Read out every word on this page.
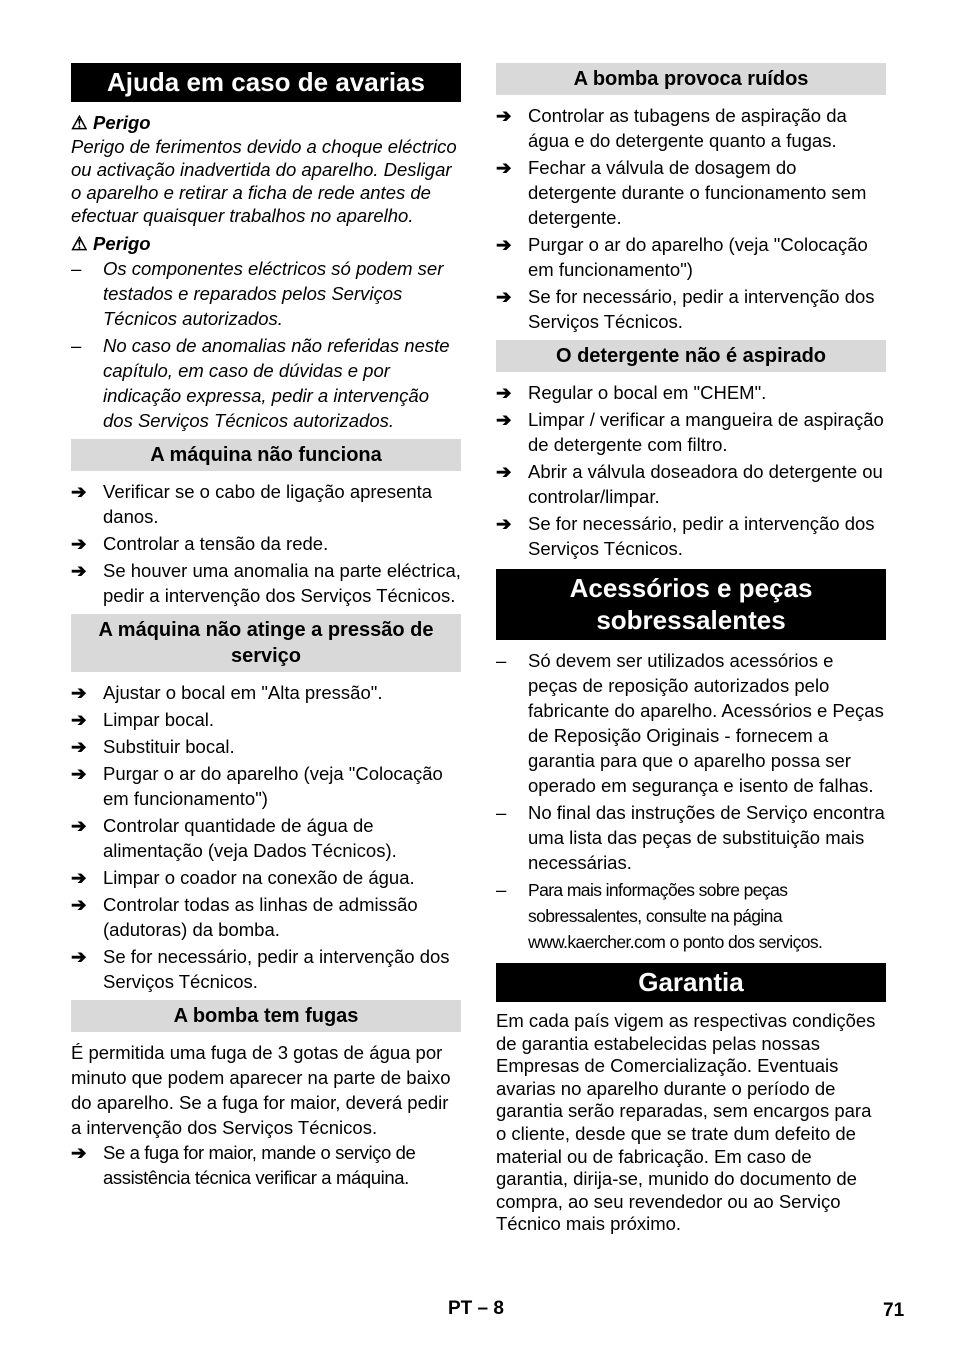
Ajuda em caso de avarias
⚠ Perigo

Perigo de ferimentos devido a choque eléctrico ou activação inadvertida do aparelho. Desligar o aparelho e retirar a ficha de rede antes de efectuar quaisquer trabalhos no aparelho.

⚠ Perigo
–	Os componentes eléctricos só podem ser testados e reparados pelos Serviços Técnicos autorizados.
–	No caso de anomalias não referidas neste capítulo, em caso de dúvidas e por indicação expressa, pedir a intervenção dos Serviços Técnicos autorizados.
A máquina não funciona
➔ Verificar se o cabo de ligação apresenta danos.
➔ Controlar a tensão da rede.
➔ Se houver uma anomalia na parte eléctrica, pedir a intervenção dos Serviços Técnicos.
A máquina não atinge a pressão de serviço
➔ Ajustar o bocal em "Alta pressão".
➔ Limpar bocal.
➔ Substituir bocal.
➔ Purgar o ar do aparelho (veja "Colocação em funcionamento")
➔ Controlar quantidade de água de alimentação (veja Dados Técnicos).
➔ Limpar o coador na conexão de água.
➔ Controlar todas as linhas de admissão (adutoras) da bomba.
➔ Se for necessário, pedir a intervenção dos Serviços Técnicos.
A bomba tem fugas

É permitida uma fuga de 3 gotas de água por minuto que podem aparecer na parte de baixo do aparelho. Se a fuga for maior, deverá pedir a intervenção dos Serviços Técnicos.

➔ Se a fuga for maior, mande o serviço de assistência técnica verificar a máquina.
A bomba provoca ruídos
➔ Controlar as tubagens de aspiração da água e do detergente quanto a fugas.
➔ Fechar a válvula de dosagem do detergente durante o funcionamento sem detergente.
➔ Purgar o ar do aparelho (veja "Colocação em funcionamento")
➔ Se for necessário, pedir a intervenção dos Serviços Técnicos.
O detergente não é aspirado
➔ Regular o bocal em "CHEM".
➔ Limpar / verificar a mangueira de aspiração de detergente com filtro.
➔ Abrir a válvula doseadora do detergente ou controlar/limpar.
➔ Se for necessário, pedir a intervenção dos Serviços Técnicos.
Acessórios e peças sobressalentes
–	Só devem ser utilizados acessórios e peças de reposição autorizados pelo fabricante do aparelho. Acessórios e Peças de Reposição Originais - fornecem a garantia para que o aparelho possa ser operado em segurança e isento de falhas.
–	No final das instruções de Serviço encontra uma lista das peças de substituição mais necessárias.
–	Para mais informações sobre peças sobressalentes, consulte na página www.kaercher.com o ponto dos serviços.
Garantia

Em cada país vigem as respectivas condições de garantia estabelecidas pelas nossas Empresas de Comercialização. Eventuais avarias no aparelho durante o período de garantia serão reparadas, sem encargos para o cliente, desde que se trate dum defeito de material ou de fabricação. Em caso de garantia, dirija-se, munido do documento de compra, ao seu revendedor ou ao Serviço Técnico mais próximo.

PT – 8	71
